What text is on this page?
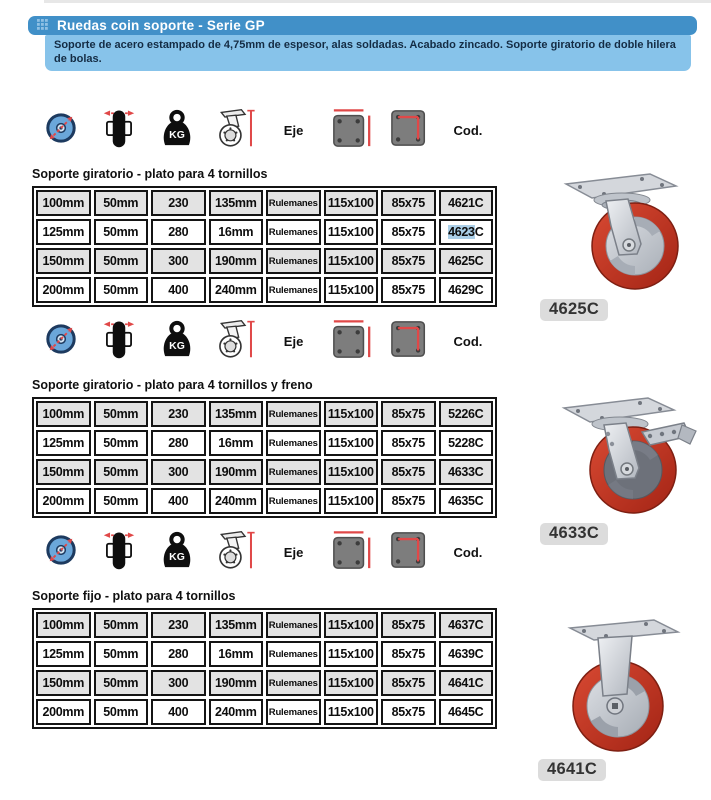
Ruedas coin soporte - Serie GP
Soporte de acero estampado de 4,75mm de espesor, alas soldadas. Acabado zincado. Soporte giratorio de doble hilera de bolas.
KG	Eje	Cod.
Soporte giratorio - plato para 4 tornillos
100mm	50mm	230	135mm	Rulemanes 115x100	85x75	4621C
125mm	50mm	280	16mm	Rulemanes 115x100	85x75	4623 C
150mm	50mm	300	190mm	Rulemanes 115x100	85x75	4625C
200mm	50mm	400	240mm	Rulemanes 115x100	85x75	4629C
KG	Eje	Cod.
Soporte giratorio - plato para 4 tornillos y freno
100mm	50mm	230	135mm	Rulemanes 115x100	85x75	5226C
125mm	50mm	280	16mm	Rulemanes 115x100	85x75	5228C
150mm	50mm	300	190mm	Rulemanes 115x100	85x75	4633C
200mm	50mm	400	240mm	Rulemanes 115x100	85x75	4635C
KG	Eje	Cod.
Soporte fijo - plato para 4 tornillos
100mm	50mm	230	135mm	Rulemanes 115x100	85x75	4637C
125mm	50mm	280	16mm	Rulemanes 115x100	85x75	4639C
150mm	50mm	300	190mm	Rulemanes 115x100	85x75	4641C
200mm	50mm	400	240mm	Rulemanes 115x100	85x75	4645C

4625C

4633C

4641C
